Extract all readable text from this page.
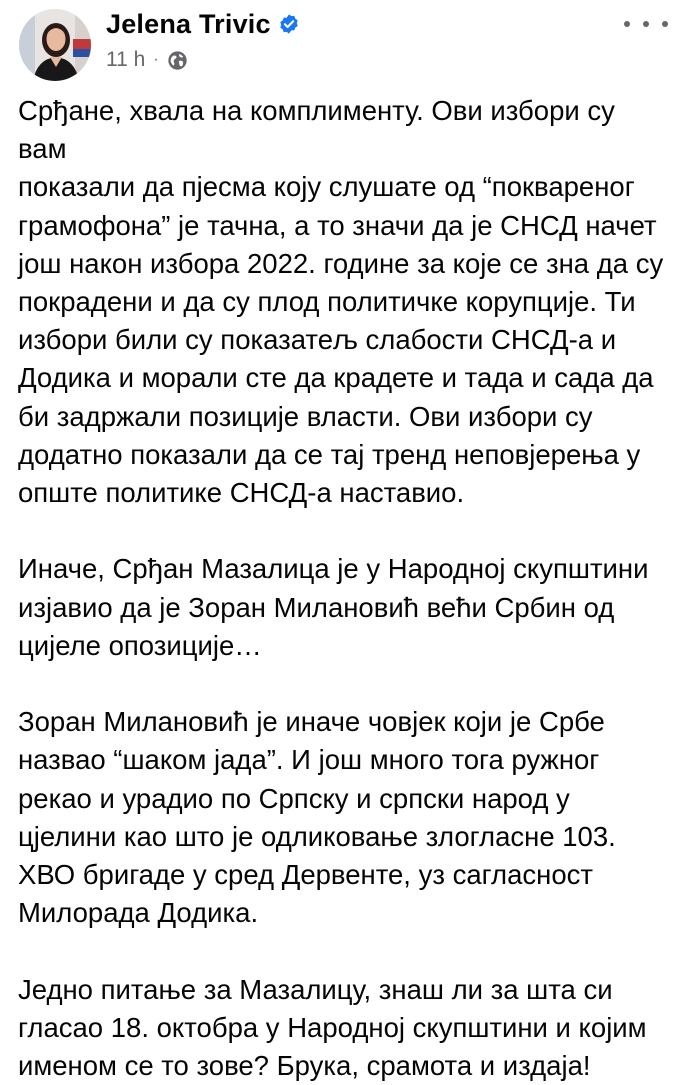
Jelena Trivic
11 h ·

Срђане, хвала на комплименту. Ови избори су вам
показали да пјесма коју слушате од “поквареног
грамофона” је тачна, а то значи да је СНСД начет
још након избора 2022. године за које се зна да су
покрадени и да су плод политичке корупције. Ти
избори били су показатељ слабости СНСД-а и
Додика и морали сте да крадете и тада и сада да
би задржали позиције власти. Ови избори су
додатно показали да се тај тренд неповјерења у
опште политике СНСД-а наставио.

Иначе, Срђан Мазалица је у Народној скупштини
изјавио да је Зоран Милановић већи Србин од
цијеле опозиције…

Зоран Милановић је иначе човјек који је Србе
назвао “шаком јада”. И још много тога ружног
рекао и урадио по Српску и српски народ у
цјелини као што је одликовање злогласне 103.
ХВО бригаде у сред Дервенте, уз сагласност
Милорада Додика.

Једно питање за Мазалицу, знаш ли за шта си
гласао 18. октобра у Народној скупштини и којим
именом се то зове? Брука, срамота и издаја!
